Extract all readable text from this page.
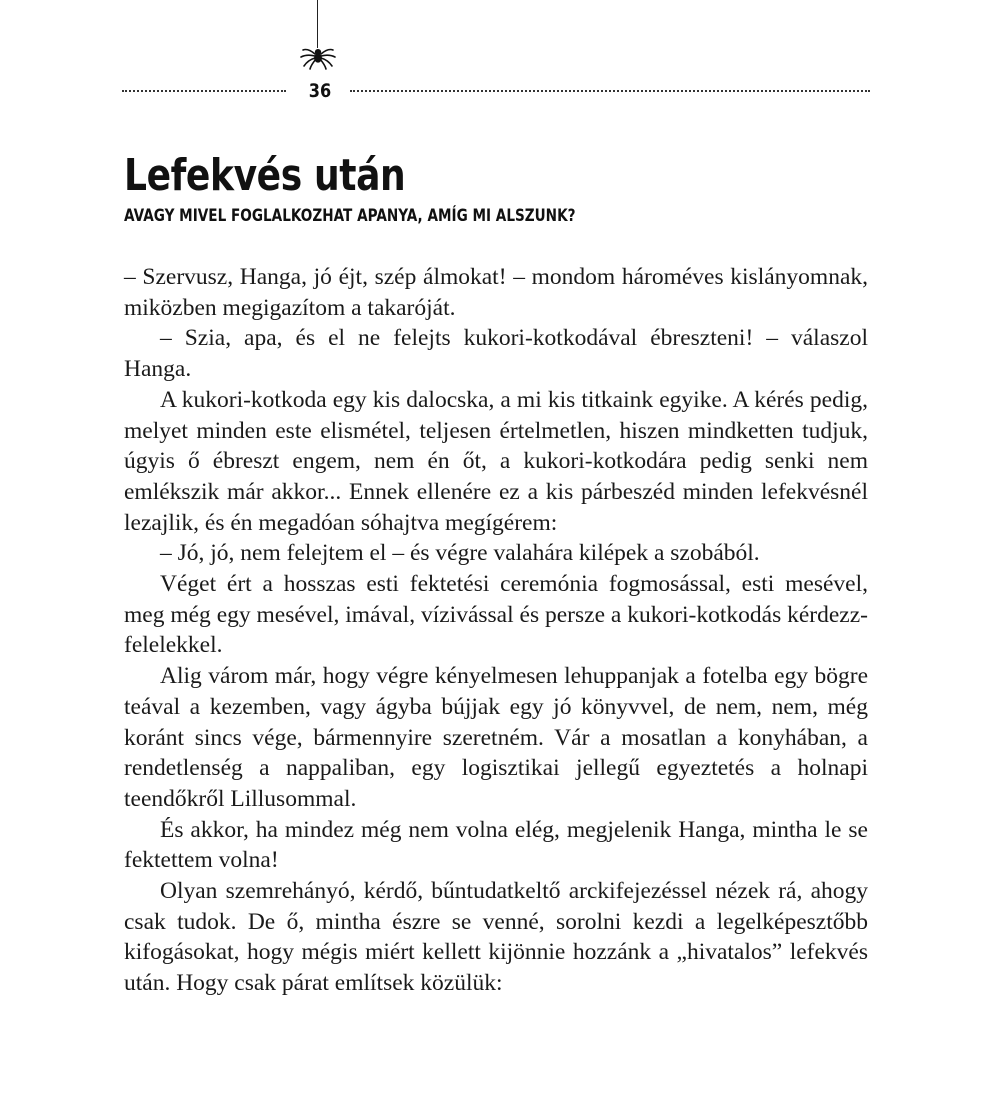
36
Lefekvés után
AVAGY MIVEL FOGLALKOZHAT APANYA, AMÍG MI ALSZUNK?

– Szervusz, Hanga, jó éjt, szép álmokat! – mondom hároméves kislányomnak, miközben megigazítom a takaróját.

– Szia, apa, és el ne felejts kukori-kotkodával ébreszteni! – válaszol Hanga.

A kukori-kotkoda egy kis dalocska, a mi kis titkaink egyike. A kérés pedig, melyet minden este elismétel, teljesen értelmetlen, hiszen mindketten tudjuk, úgyis ő ébreszt engem, nem én őt, a kukori-kotkodára pedig senki nem emlékszik már akkor... Ennek ellenére ez a kis párbeszéd minden lefekvésnél lezajlik, és én megadóan sóhajtva megígérem:

– Jó, jó, nem felejtem el – és végre valahára kilépek a szobából.

Véget ért a hosszas esti fektetési ceremónia fogmosással, esti mesével, meg még egy mesével, imával, vízivással és persze a kukori-kotkodás kérdezz-felelekkel.

Alig várom már, hogy végre kényelmesen lehuppanjak a fotelba egy bögre teával a kezemben, vagy ágyba bújjak egy jó könyvvel, de nem, nem, még koránt sincs vége, bármennyire szeretném. Vár a mosatlan a konyhában, a rendetlenség a nappaliban, egy logisztikai jellegű egyeztetés a holnapi teendőkről Lillusommal.

És akkor, ha mindez még nem volna elég, megjelenik Hanga, mintha le se fektettem volna!

Olyan szemrehányó, kérdő, bűntudatkeltő arckifejezéssel nézek rá, ahogy csak tudok. De ő, mintha észre se venné, sorolni kezdi a legelképesztőbb kifogásokat, hogy mégis miért kellett kijönnie hozzánk a „hivatalos” lefekvés után. Hogy csak párat említsek közülük:
